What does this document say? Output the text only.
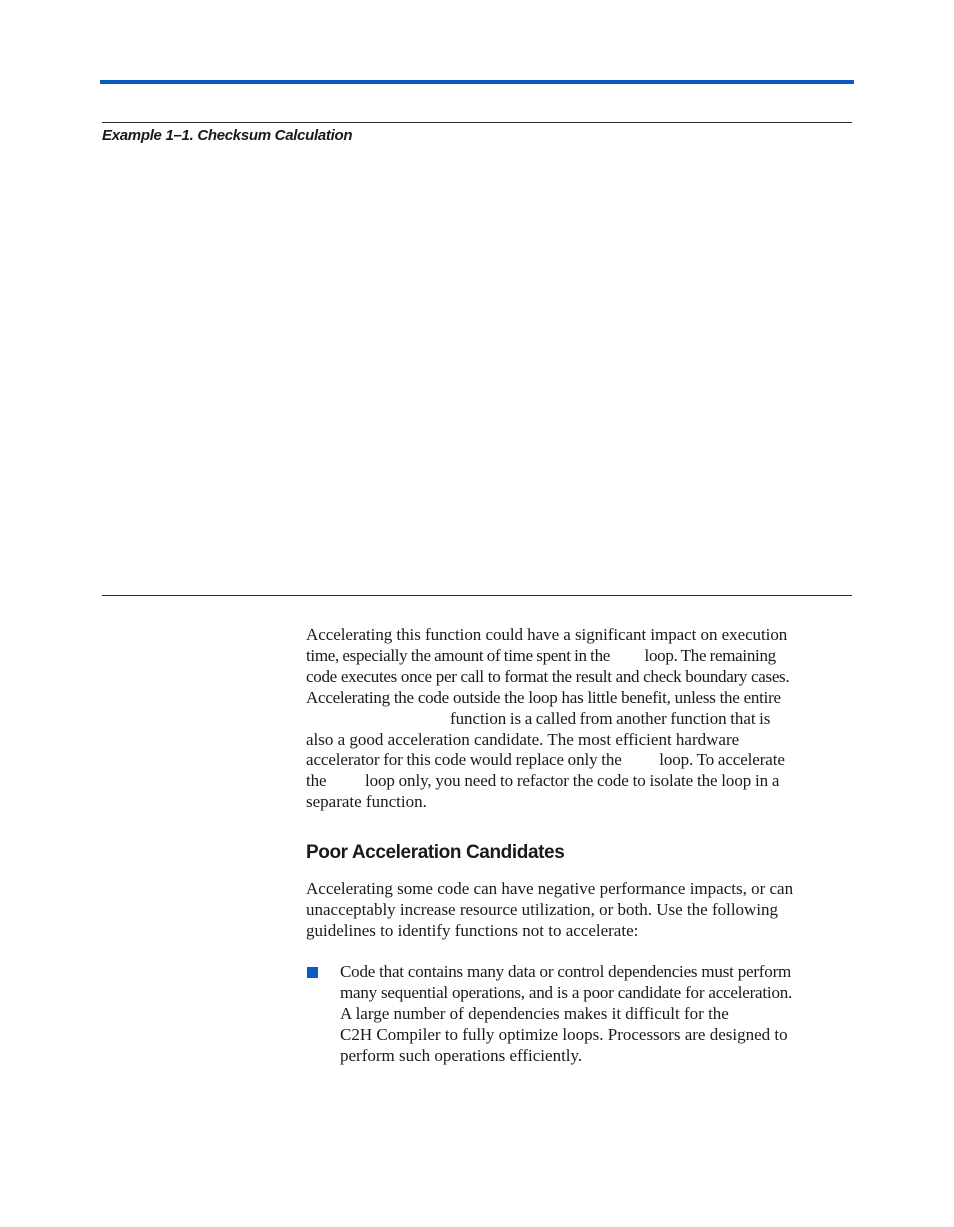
Example 1–1. Checksum Calculation

Accelerating this function could have a significant impact on execution
time, especially the amount of time spent in the          loop. The remaining
code executes once per call to format the result and check boundary cases.
Accelerating the code outside the loop has little benefit, unless the entire
function is a called from another function that is
also a good acceleration candidate. The most efficient hardware
accelerator for this code would replace only the          loop. To accelerate
the          loop only, you need to refactor the code to isolate the loop in a
separate function.

Poor Acceleration Candidates

Accelerating some code can have negative performance impacts, or can
unacceptably increase resource utilization, or both. Use the following
guidelines to identify functions not to accelerate:

Code that contains many data or control dependencies must perform
many sequential operations, and is a poor candidate for acceleration.
A large number of dependencies makes it difficult for the
C2H Compiler to fully optimize loops. Processors are designed to
perform such operations efficiently.
